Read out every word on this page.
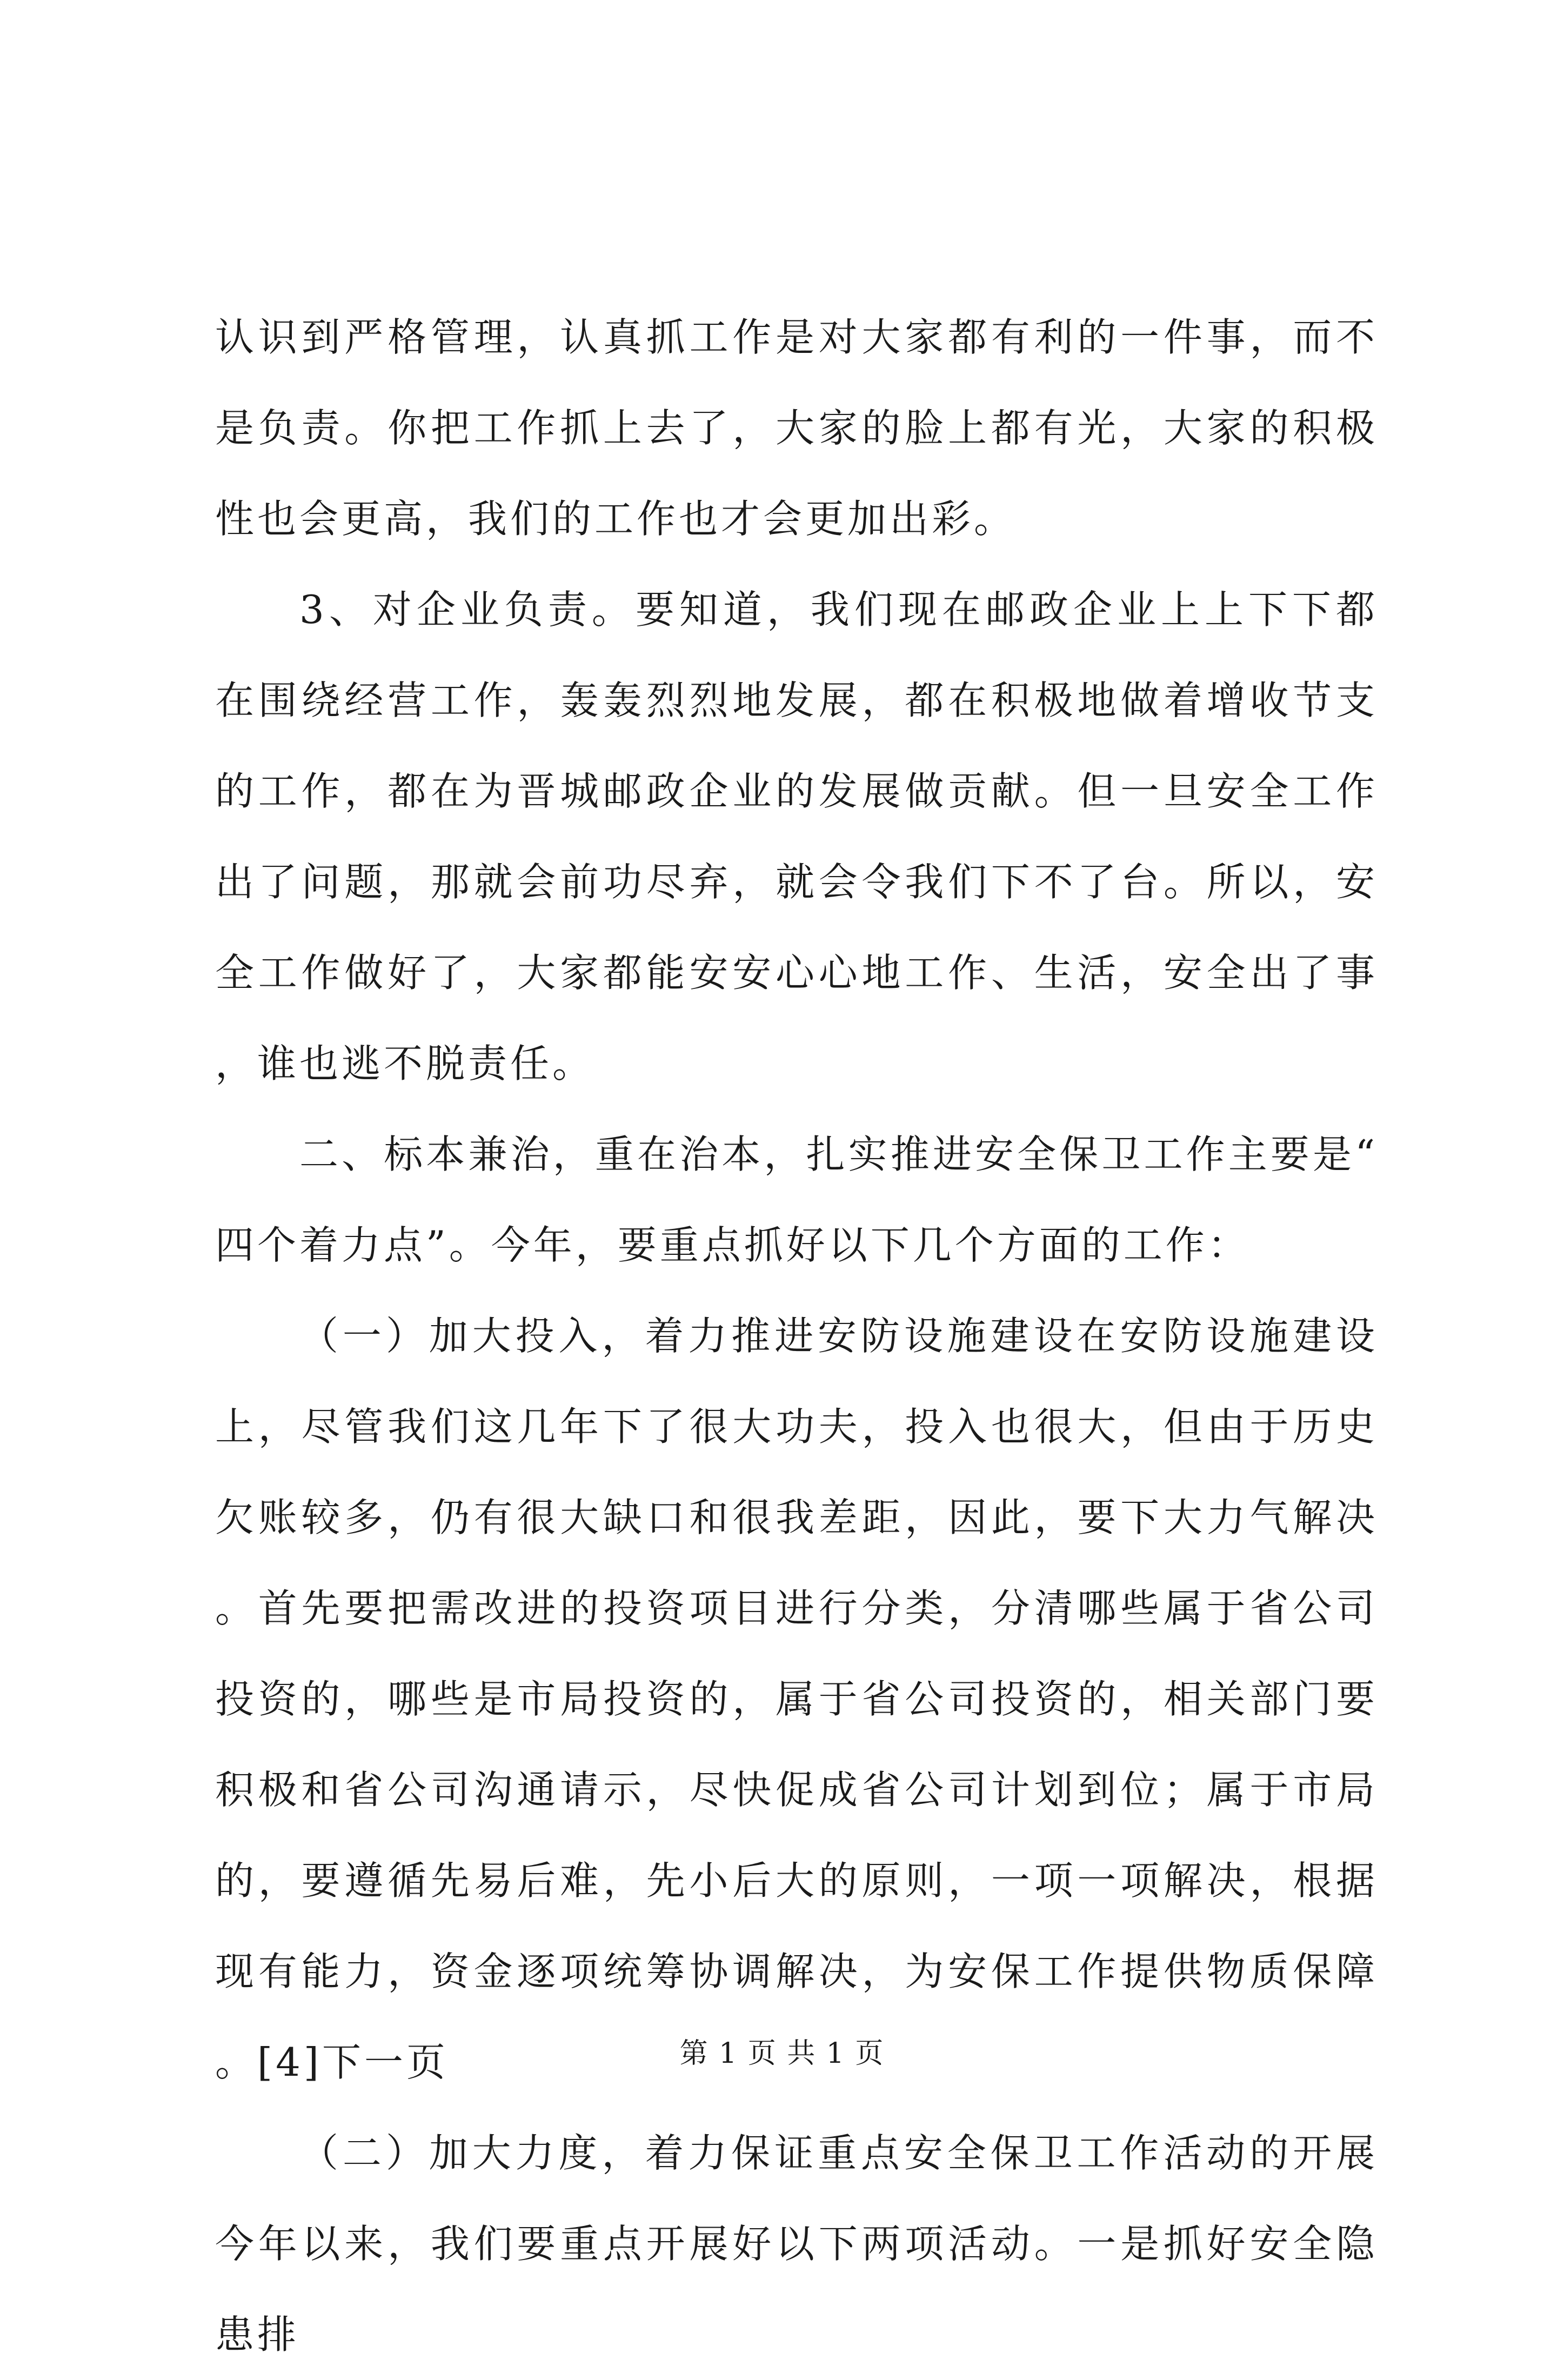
认识到严格管理，认真抓工作是对大家都有利的一件事，而不是负责。你把工作抓上去了，大家的脸上都有光，大家的积极性也会更高，我们的工作也才会更加出彩。

3、对企业负责。要知道，我们现在邮政企业上上下下都在围绕经营工作，轰轰烈烈地发展，都在积极地做着增收节支的工作，都在为晋城邮政企业的发展做贡献。但一旦安全工作出了问题，那就会前功尽弃，就会令我们下不了台。所以，安全工作做好了，大家都能安安心心地工作、生活，安全出了事，谁也逃不脱责任。

二、标本兼治，重在治本，扎实推进安全保卫工作主要是“四个着力点”。今年，要重点抓好以下几个方面的工作：

（一）加大投入，着力推进安防设施建设在安防设施建设上，尽管我们这几年下了很大功夫，投入也很大，但由于历史欠账较多，仍有很大缺口和很我差距，因此，要下大力气解决。首先要把需改进的投资项目进行分类，分清哪些属于省公司投资的，哪些是市局投资的，属于省公司投资的，相关部门要积极和省公司沟通请示，尽快促成省公司计划到位；属于市局的，要遵循先易后难，先小后大的原则，一项一项解决，根据现有能力，资金逐项统筹协调解决，为安保工作提供物质保障。[4]下一页

（二）加大力度，着力保证重点安全保卫工作活动的开展今年以来，我们要重点开展好以下两项活动。一是抓好安全隐患排

第 1 页 共 1 页
